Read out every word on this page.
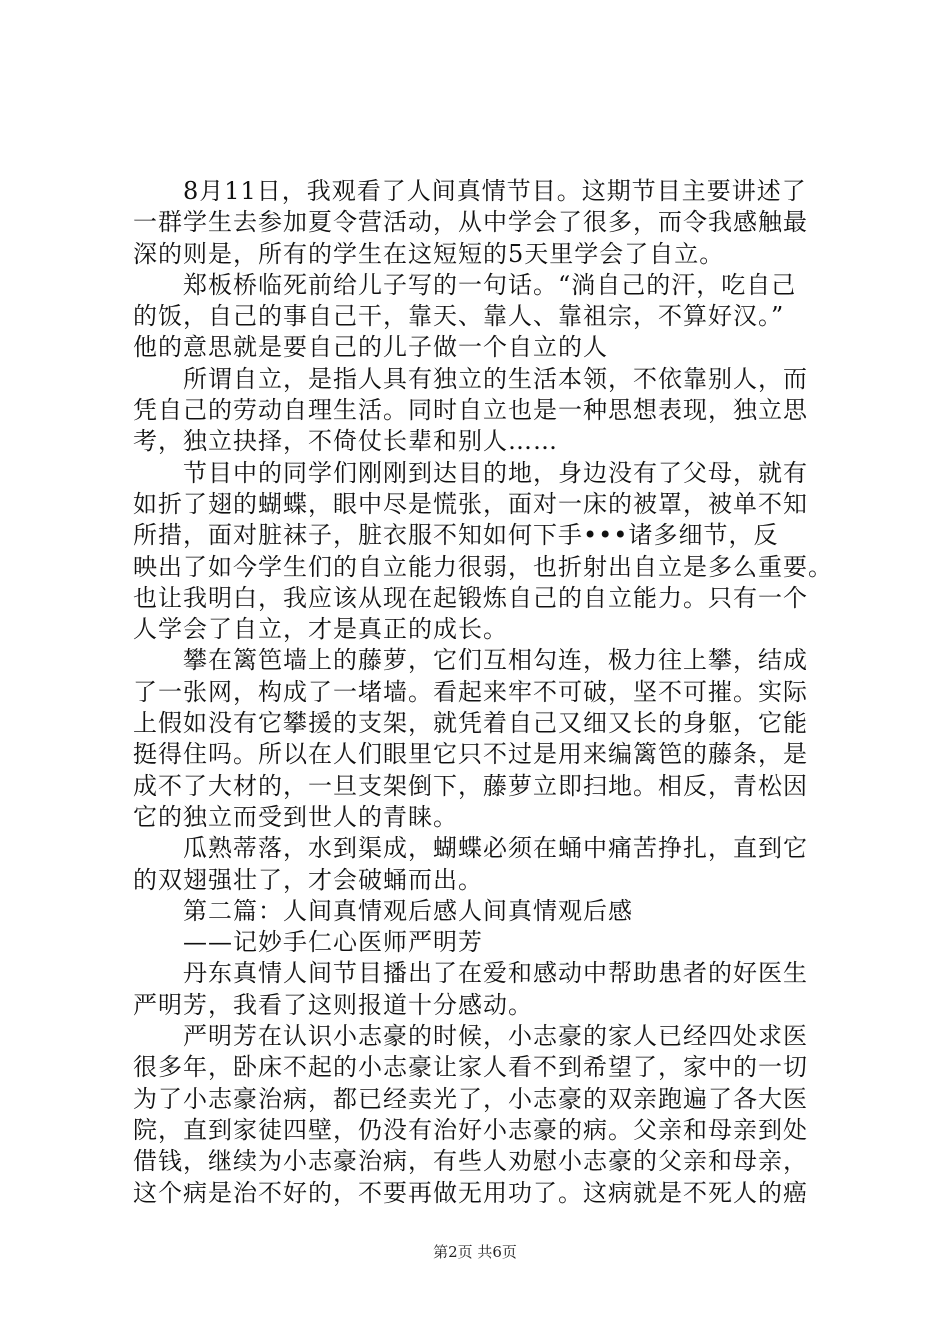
　　8月11日，我观看了人间真情节目。这期节目主要讲述了
一群学生去参加夏令营活动，从中学会了很多，而令我感触最
深的则是，所有的学生在这短短的5天里学会了自立。
　　郑板桥临死前给儿子写的一句话。“淌自己的汗，吃自己
的饭，自己的事自己干，靠天、靠人、靠祖宗，不算好汉。”
他的意思就是要自己的儿子做一个自立的人
　　所谓自立，是指人具有独立的生活本领，不依靠别人，而
凭自己的劳动自理生活。同时自立也是一种思想表现，独立思
考，独立抉择，不倚仗长辈和别人……
　　节目中的同学们刚刚到达目的地，身边没有了父母，就有
如折了翅的蝴蝶，眼中尽是慌张，面对一床的被罩，被单不知
所措，面对脏袜子，脏衣服不知如何下手•••诸多细节，反
映出了如今学生们的自立能力很弱，也折射出自立是多么重要。
也让我明白，我应该从现在起锻炼自己的自立能力。只有一个
人学会了自立，才是真正的成长。
　　攀在篱笆墙上的藤萝，它们互相勾连，极力往上攀，结成
了一张网，构成了一堵墙。看起来牢不可破，坚不可摧。实际
上假如没有它攀援的支架，就凭着自己又细又长的身躯，它能
挺得住吗。所以在人们眼里它只不过是用来编篱笆的藤条，是
成不了大材的，一旦支架倒下，藤萝立即扫地。相反，青松因
它的独立而受到世人的青睐。
　　瓜熟蒂落，水到渠成，蝴蝶必须在蛹中痛苦挣扎，直到它
的双翅强壮了，才会破蛹而出。
　　第二篇：人间真情观后感人间真情观后感
　　——记妙手仁心医师严明芳
　　丹东真情人间节目播出了在爱和感动中帮助患者的好医生
严明芳，我看了这则报道十分感动。
　　严明芳在认识小志豪的时候，小志豪的家人已经四处求医
很多年，卧床不起的小志豪让家人看不到希望了，家中的一切
为了小志豪治病，都已经卖光了，小志豪的双亲跑遍了各大医
院，直到家徒四壁，仍没有治好小志豪的病。父亲和母亲到处
借钱，继续为小志豪治病，有些人劝慰小志豪的父亲和母亲，
这个病是治不好的，不要再做无用功了。这病就是不死人的癌
第2页 共6页
